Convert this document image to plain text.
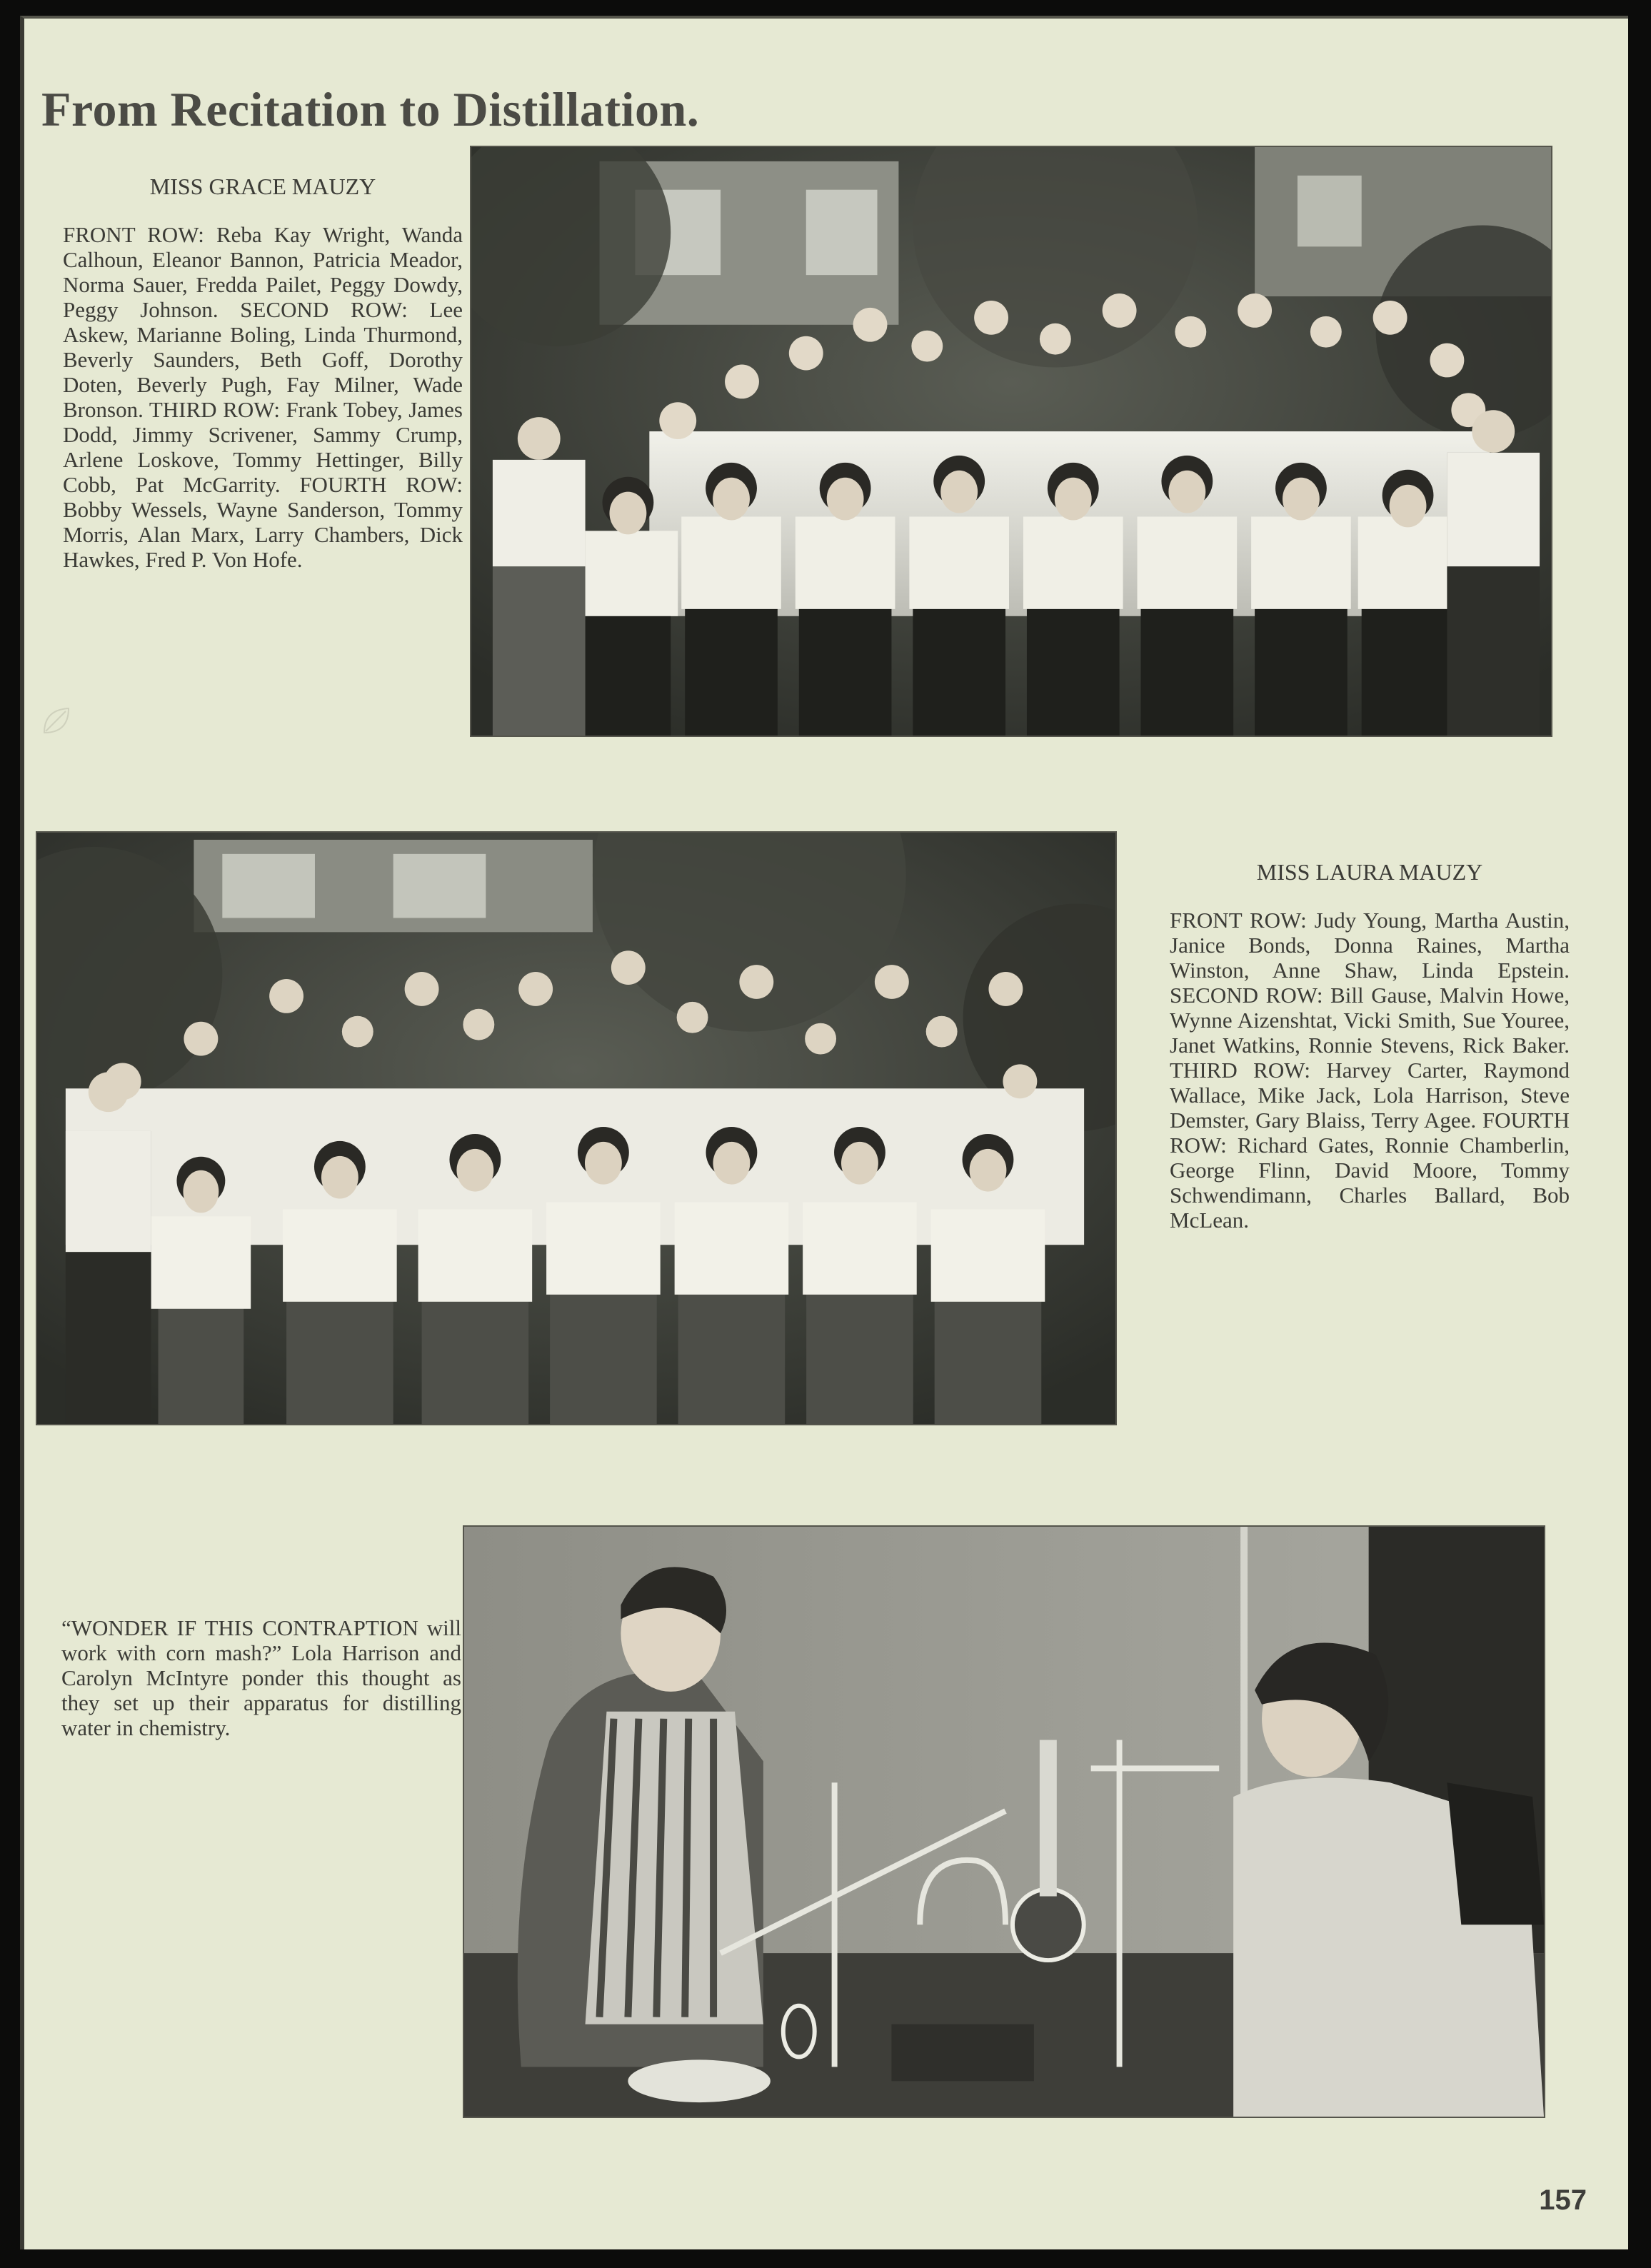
From Recitation to Distillation.
MISS GRACE MAUZY

FRONT ROW: Reba Kay Wright, Wanda Calhoun, Eleanor Bannon, Patricia Meador, Norma Sauer, Fredda Pailet, Peggy Dowdy, Peggy Johnson. SECOND ROW: Lee Askew, Marianne Boling, Linda Thurmond, Beverly Saunders, Beth Goff, Dorothy Doten, Beverly Pugh, Fay Milner, Wade Bronson. THIRD ROW: Frank Tobey, James Dodd, Jimmy Scrivener, Sammy Crump, Arlene Loskove, Tommy Hettinger, Billy Cobb, Pat McGarrity. FOURTH ROW: Bobby Wessels, Wayne Sanderson, Tommy Morris, Alan Marx, Larry Chambers, Dick Hawkes, Fred P. Von Hofe.

MISS LAURA MAUZY

FRONT ROW: Judy Young, Martha Austin, Janice Bonds, Donna Raines, Martha Winston, Anne Shaw, Linda Epstein. SECOND ROW: Bill Gause, Malvin Howe, Wynne Aizenshtat, Vicki Smith, Sue Youree, Janet Watkins, Ronnie Stevens, Rick Baker. THIRD ROW: Harvey Carter, Raymond Wallace, Mike Jack, Lola Harrison, Steve Demster, Gary Blaiss, Terry Agee. FOURTH ROW: Richard Gates, Ronnie Chamberlin, George Flinn, David Moore, Tommy Schwendimann, Charles Ballard, Bob McLean.

“WONDER IF THIS CONTRAPTION will work with corn mash?” Lola Harrison and Carolyn McIntyre ponder this thought as they set up their apparatus for distilling water in chemistry.

157
